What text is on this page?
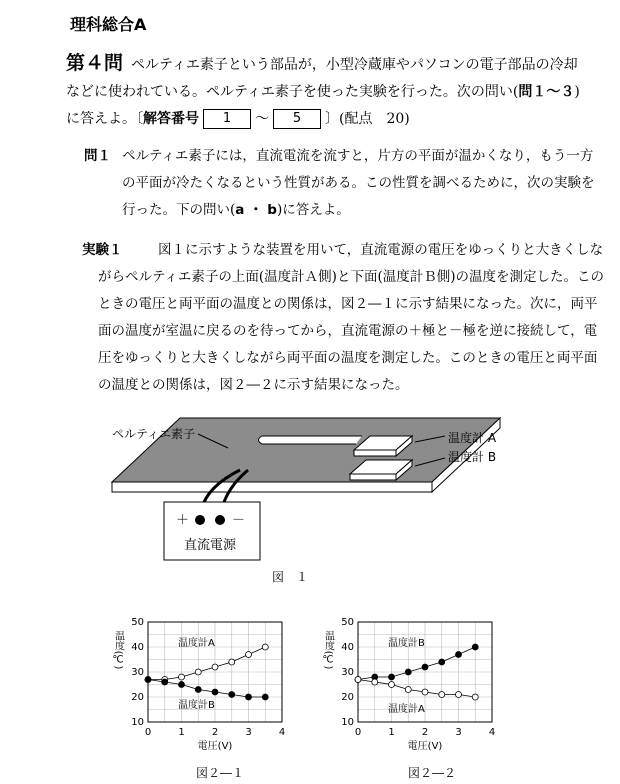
理科総合A
第４問 ペルティエ素子という部品が，小型冷蔵庫やパソコンの電子部品の冷却などに使われている。ペルティエ素子を使った実験を行った。次の問い(問１～３)に答えよ。〔解答番号 1 ～ 5 〕(配点　20)
問１ ペルティエ素子には，直流電流を流すと，片方の平面が温かくなり，もう一方の平面が冷たくなるという性質がある。この性質を調べるために，次の実験を行った。下の問い(a ・ b)に答えよ。
実験１	図１に示すような装置を用いて，直流電源の電圧をゆっくりと大きくしながらペルティエ素子の上面(温度計Ａ側)と下面(温度計Ｂ側)の温度を測定した。このときの電圧と両平面の温度との関係は，図２―１に示す結果になった。次に，両平面の温度が室温に戻るのを待ってから，直流電源の＋極と－極を逆に接続して，電圧をゆっくりと大きくしながら両平面の温度を測定した。このときの電圧と両平面の温度との関係は，図２―２に示す結果になった。
温度計 A
温度計 B
ペルティエ素子
＋	－
直流電源
図　１
0	1	2	3	4
10
20
30
40
50
電圧(V)
温度(℃)	温度計A
温度計B
0	1	2	3	4
10
20
30
40
50
電圧(V)
温度(℃)	温度計B
温度計A
図２―１	図２―２
